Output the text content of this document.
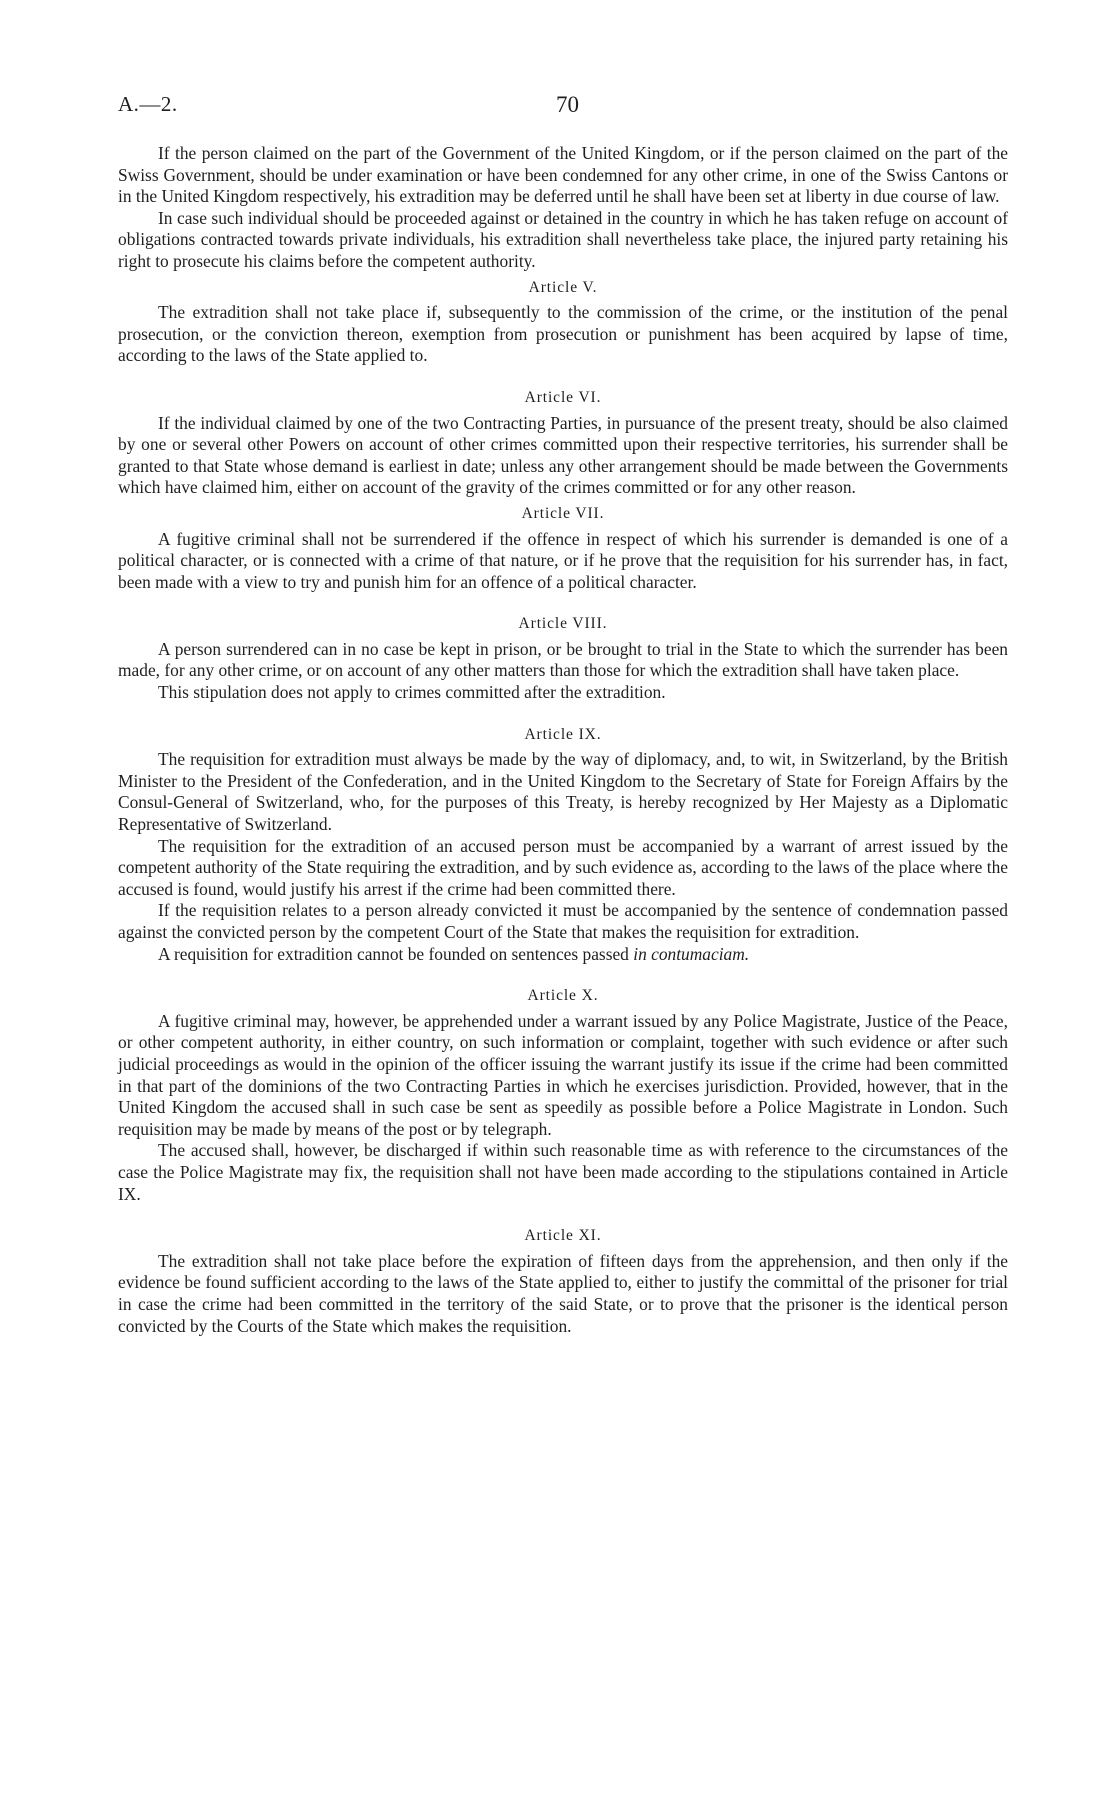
A.—2.	70

If the person claimed on the part of the Government of the United Kingdom, or if the person claimed on the part of the Swiss Government, should be under examination or have been condemned for any other crime, in one of the Swiss Cantons or in the United Kingdom respectively, his extradition may be deferred until he shall have been set at liberty in due course of law.

In case such individual should be proceeded against or detained in the country in which he has taken refuge on account of obligations contracted towards private individuals, his extradition shall nevertheless take place, the injured party retaining his right to prosecute his claims before the competent authority.

Article V.

The extradition shall not take place if, subsequently to the commission of the crime, or the institution of the penal prosecution, or the conviction thereon, exemption from prosecution or punishment has been acquired by lapse of time, according to the laws of the State applied to.

Article VI.

If the individual claimed by one of the two Contracting Parties, in pursuance of the present treaty, should be also claimed by one or several other Powers on account of other crimes committed upon their respective territories, his surrender shall be granted to that State whose demand is earliest in date; unless any other arrangement should be made between the Governments which have claimed him, either on account of the gravity of the crimes committed or for any other reason.

Article VII.

A fugitive criminal shall not be surrendered if the offence in respect of which his surrender is demanded is one of a political character, or is connected with a crime of that nature, or if he prove that the requisition for his surrender has, in fact, been made with a view to try and punish him for an offence of a political character.

Article VIII.

A person surrendered can in no case be kept in prison, or be brought to trial in the State to which the surrender has been made, for any other crime, or on account of any other matters than those for which the extradition shall have taken place.

This stipulation does not apply to crimes committed after the extradition.

Article IX.

The requisition for extradition must always be made by the way of diplomacy, and, to wit, in Switzerland, by the British Minister to the President of the Confederation, and in the United Kingdom to the Secretary of State for Foreign Affairs by the Consul-General of Switzerland, who, for the purposes of this Treaty, is hereby recognized by Her Majesty as a Diplomatic Representative of Switzerland.

The requisition for the extradition of an accused person must be accompanied by a warrant of arrest issued by the competent authority of the State requiring the extradition, and by such evidence as, according to the laws of the place where the accused is found, would justify his arrest if the crime had been committed there.

If the requisition relates to a person already convicted it must be accompanied by the sentence of condemnation passed against the convicted person by the competent Court of the State that makes the requisition for extradition.

A requisition for extradition cannot be founded on sentences passed in contumaciam.

Article X.

A fugitive criminal may, however, be apprehended under a warrant issued by any Police Magistrate, Justice of the Peace, or other competent authority, in either country, on such information or complaint, together with such evidence or after such judicial proceedings as would in the opinion of the officer issuing the warrant justify its issue if the crime had been committed in that part of the dominions of the two Contracting Parties in which he exercises jurisdiction. Provided, however, that in the United Kingdom the accused shall in such case be sent as speedily as possible before a Police Magistrate in London. Such requisition may be made by means of the post or by telegraph.

The accused shall, however, be discharged if within such reasonable time as with reference to the circumstances of the case the Police Magistrate may fix, the requisition shall not have been made according to the stipulations contained in Article IX.

Article XI.

The extradition shall not take place before the expiration of fifteen days from the apprehension, and then only if the evidence be found sufficient according to the laws of the State applied to, either to justify the committal of the prisoner for trial in case the crime had been committed in the territory of the said State, or to prove that the prisoner is the identical person convicted by the Courts of the State which makes the requisition.
